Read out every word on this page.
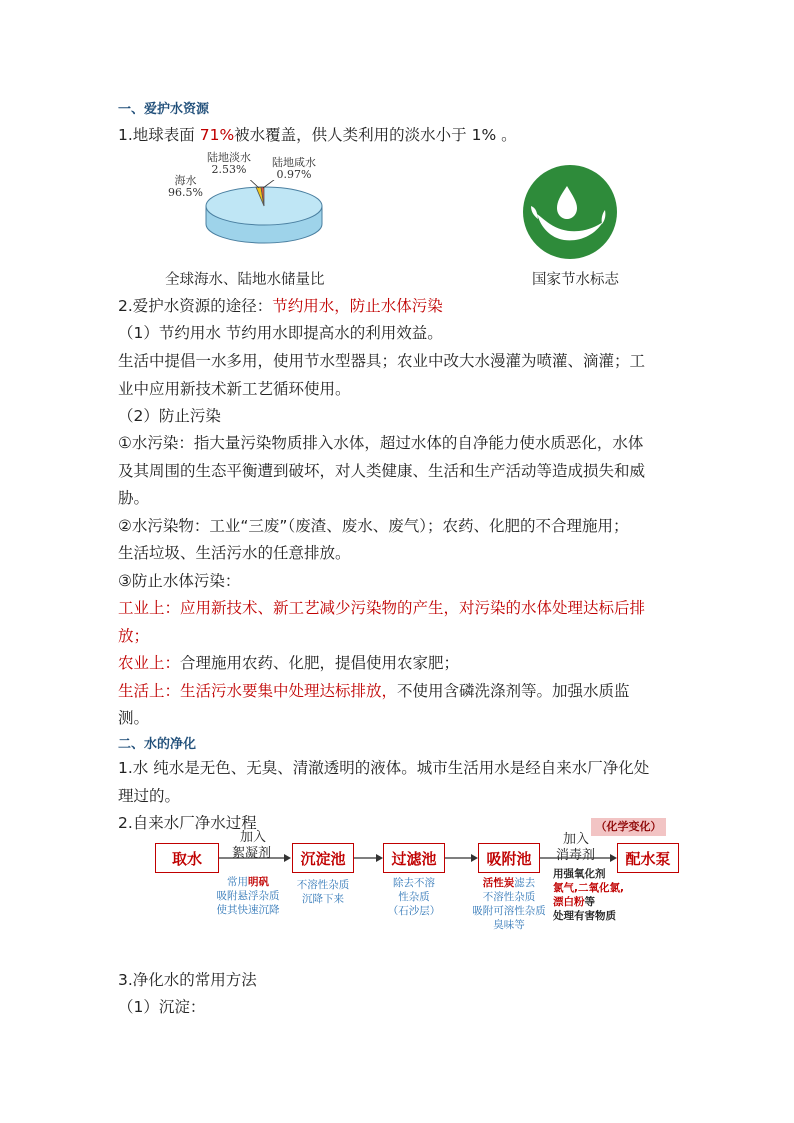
一、爱护水资源
1.地球表面 71%被水覆盖，供人类利用的淡水小于 1% 。
海水
96.5%
陆地淡水
2.53%
陆地咸水
0.97%
全球海水、陆地水储量比	国家节水标志
2.爱护水资源的途径：节约用水，防止水体污染
（1）节约用水 节约用水即提高水的利用效益。
生活中提倡一水多用，使用节水型器具；农业中改大水漫灌为喷灌、滴灌；工
业中应用新技术新工艺循环使用。
（2）防止污染
①水污染：指大量污染物质排入水体，超过水体的自净能力使水质恶化，水体
及其周围的生态平衡遭到破坏，对人类健康、生活和生产活动等造成损失和威
胁。
②水污染物：工业“三废”（废渣、废水、废气）；农药、化肥的不合理施用；
生活垃圾、生活污水的任意排放。
③防止水体污染：
工业上：应用新技术、新工艺减少污染物的产生，对污染的水体处理达标后排
放；
农业上：合理施用农药、化肥，提倡使用农家肥；
生活上：生活污水要集中处理达标排放，不使用含磷洗涤剂等。加强水质监
测。
二、水的净化
1.水 纯水是无色、无臭、清澈透明的液体。城市生活用水是经自来水厂净化处
理过的。
2.自来水厂净水过程	（化学变化）
加入
絮凝剂
加入
消毒剂
取水	沉淀池	过滤池	吸附池	配水泵
常用明矾
吸附悬浮杂质
使其快速沉降
不溶性杂质
沉降下来
除去不溶
性杂质
（石沙层）
活性炭滤去
不溶性杂质
吸附可溶性杂质
臭味等
用强氧化剂
氯气,二氧化氯,
漂白粉等
处理有害物质
3.净化水的常用方法
（1）沉淀：
